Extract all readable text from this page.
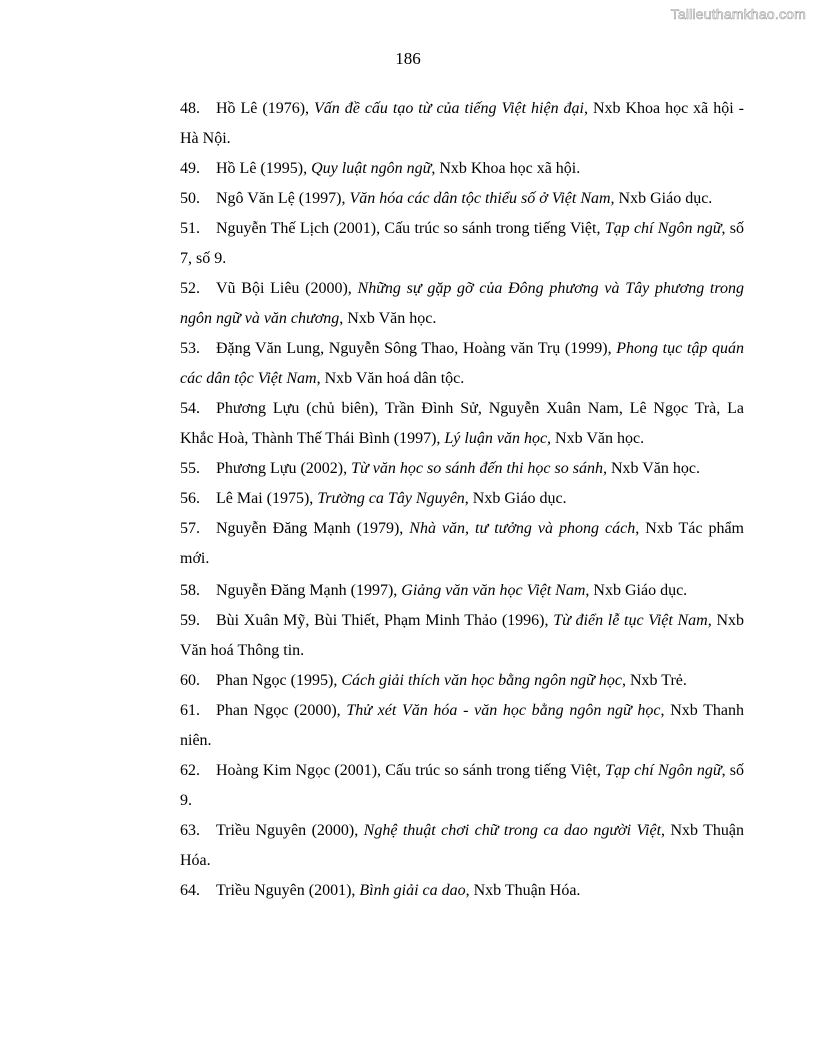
Tailieuthamkhao.com
186
48. Hồ Lê (1976), Vấn đề cấu tạo từ của tiếng Việt hiện đại, Nxb Khoa học xã hội - Hà Nội.
49. Hồ Lê (1995), Quy luật ngôn ngữ, Nxb Khoa học xã hội.
50. Ngô Văn Lệ (1997), Văn hóa các dân tộc thiểu số ở Việt Nam, Nxb Giáo dục.
51. Nguyễn Thế Lịch (2001), Cấu trúc so sánh trong tiếng Việt, Tạp chí Ngôn ngữ, số 7, số 9.
52. Vũ Bội Liêu (2000), Những sự gặp gỡ của Đông phương và Tây phương trong ngôn ngữ và văn chương, Nxb Văn học.
53. Đặng Văn Lung, Nguyễn Sông Thao, Hoàng văn Trụ (1999), Phong tục tập quán các dân tộc Việt Nam, Nxb Văn hoá dân tộc.
54. Phương Lựu (chủ biên), Trần Đình Sử, Nguyễn Xuân Nam, Lê Ngọc Trà, La Khắc Hoà, Thành Thế Thái Bình (1997), Lý luận văn học, Nxb Văn học.
55. Phương Lựu (2002), Từ văn học so sánh đến thi học so sánh, Nxb Văn học.
56. Lê Mai (1975), Trường ca Tây Nguyên, Nxb Giáo dục.
57. Nguyễn Đăng Mạnh (1979), Nhà văn, tư tưởng và phong cách, Nxb Tác phẩm mới.
58. Nguyễn Đăng Mạnh (1997), Giảng văn văn học Việt Nam, Nxb Giáo dục.
59. Bùi Xuân Mỹ, Bùi Thiết, Phạm Minh Thảo (1996), Từ điển lễ tục Việt Nam, Nxb Văn hoá Thông tin.
60. Phan Ngọc (1995), Cách giải thích văn học bằng ngôn ngữ học, Nxb Trẻ.
61. Phan Ngọc (2000), Thử xét Văn hóa - văn học bằng ngôn ngữ học, Nxb Thanh niên.
62. Hoàng Kim Ngọc (2001), Cấu trúc so sánh trong tiếng Việt, Tạp chí Ngôn ngữ, số 9.
63. Triều Nguyên (2000), Nghệ thuật chơi chữ trong ca dao người Việt, Nxb Thuận Hóa.
64. Triều Nguyên (2001), Bình giải ca dao, Nxb Thuận Hóa.
